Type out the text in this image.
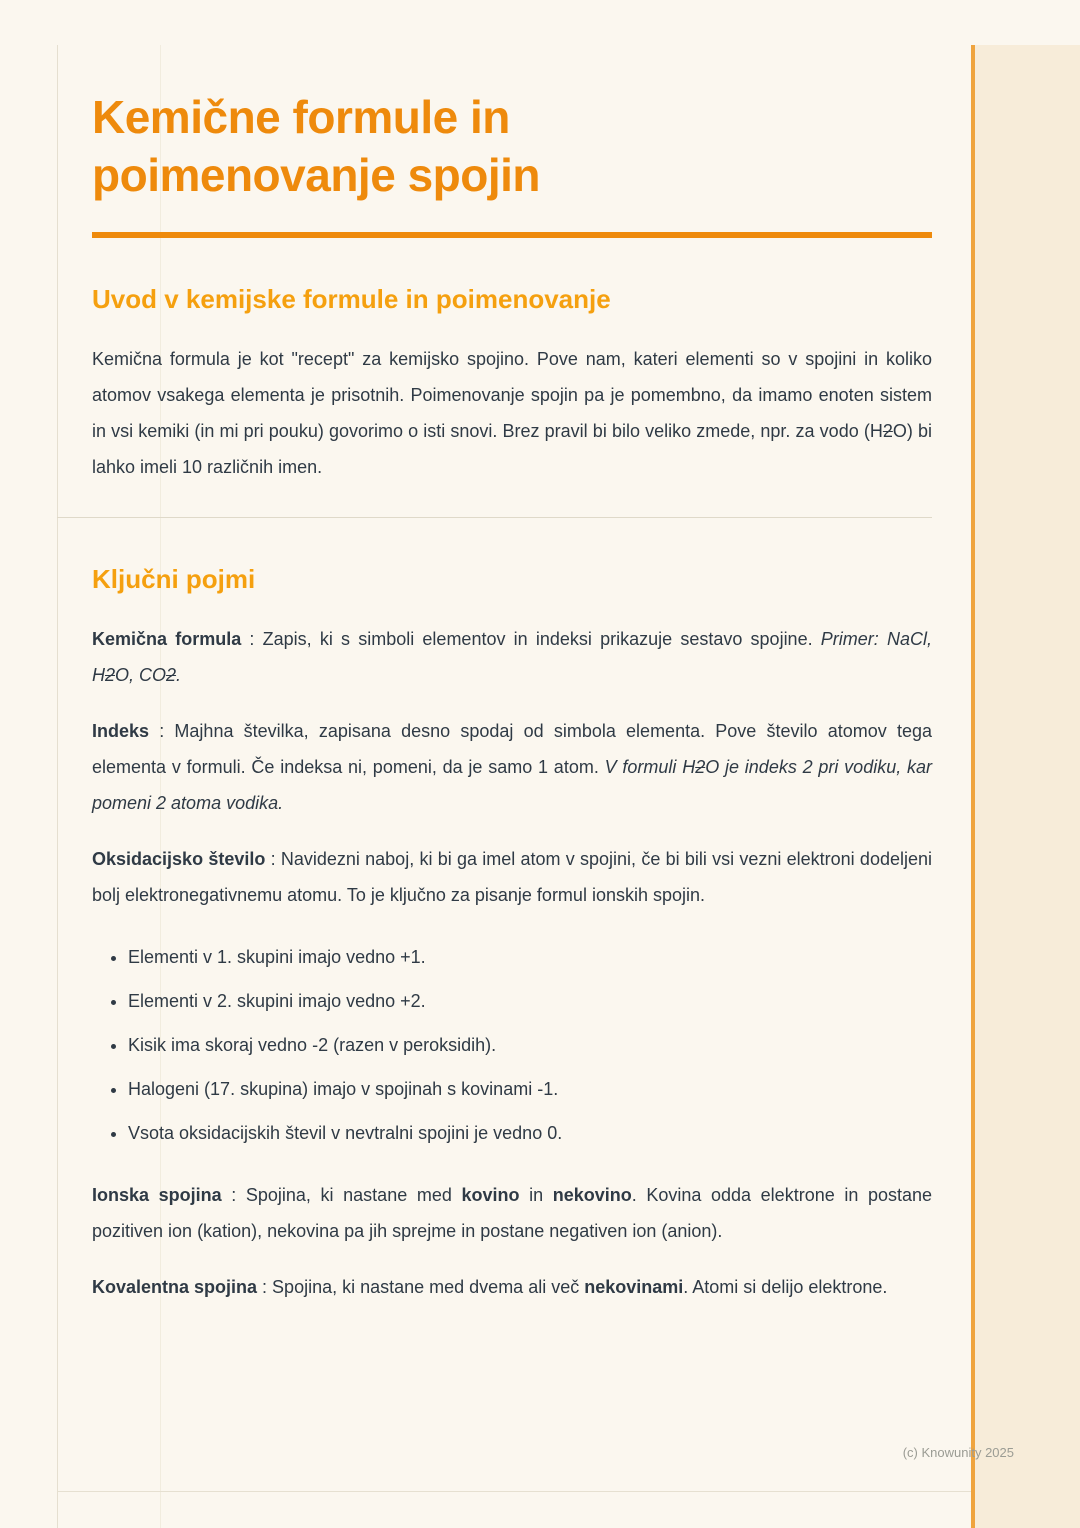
Kemične formule in
poimenovanje spojin
Uvod v kemijske formule in poimenovanje

Kemična formula je kot "recept" za kemijsko spojino. Pove nam, kateri elementi so v spojini in koliko atomov vsakega elementa je prisotnih. Poimenovanje spojin pa je pomembno, da imamo enoten sistem in vsi kemiki (in mi pri pouku) govorimo o isti snovi. Brez pravil bi bilo veliko zmede, npr. za vodo (H2O) bi lahko imeli 10 različnih imen.

Ključni pojmi

Kemična formula : Zapis, ki s simboli elementov in indeksi prikazuje sestavo spojine. Primer: NaCl, H2O, CO2.

Indeks : Majhna številka, zapisana desno spodaj od simbola elementa. Pove število atomov tega elementa v formuli. Če indeksa ni, pomeni, da je samo 1 atom. V formuli H2O je indeks 2 pri vodiku, kar pomeni 2 atoma vodika.

Oksidacijsko število : Navidezni naboj, ki bi ga imel atom v spojini, če bi bili vsi vezni elektroni dodeljeni bolj elektronegativnemu atomu. To je ključno za pisanje formul ionskih spojin.

• Elementi v 1. skupini imajo vedno +1.
• Elementi v 2. skupini imajo vedno +2.
• Kisik ima skoraj vedno -2 (razen v peroksidih).
• Halogeni (17. skupina) imajo v spojinah s kovinami -1.
• Vsota oksidacijskih števil v nevtralni spojini je vedno 0.

Ionska spojina : Spojina, ki nastane med kovino in nekovino. Kovina odda elektrone in postane pozitiven ion (kation), nekovina pa jih sprejme in postane negativen ion (anion).

Kovalentna spojina : Spojina, ki nastane med dvema ali več nekovinami. Atomi si delijo elektrone.

(c) Knowunity 2025
